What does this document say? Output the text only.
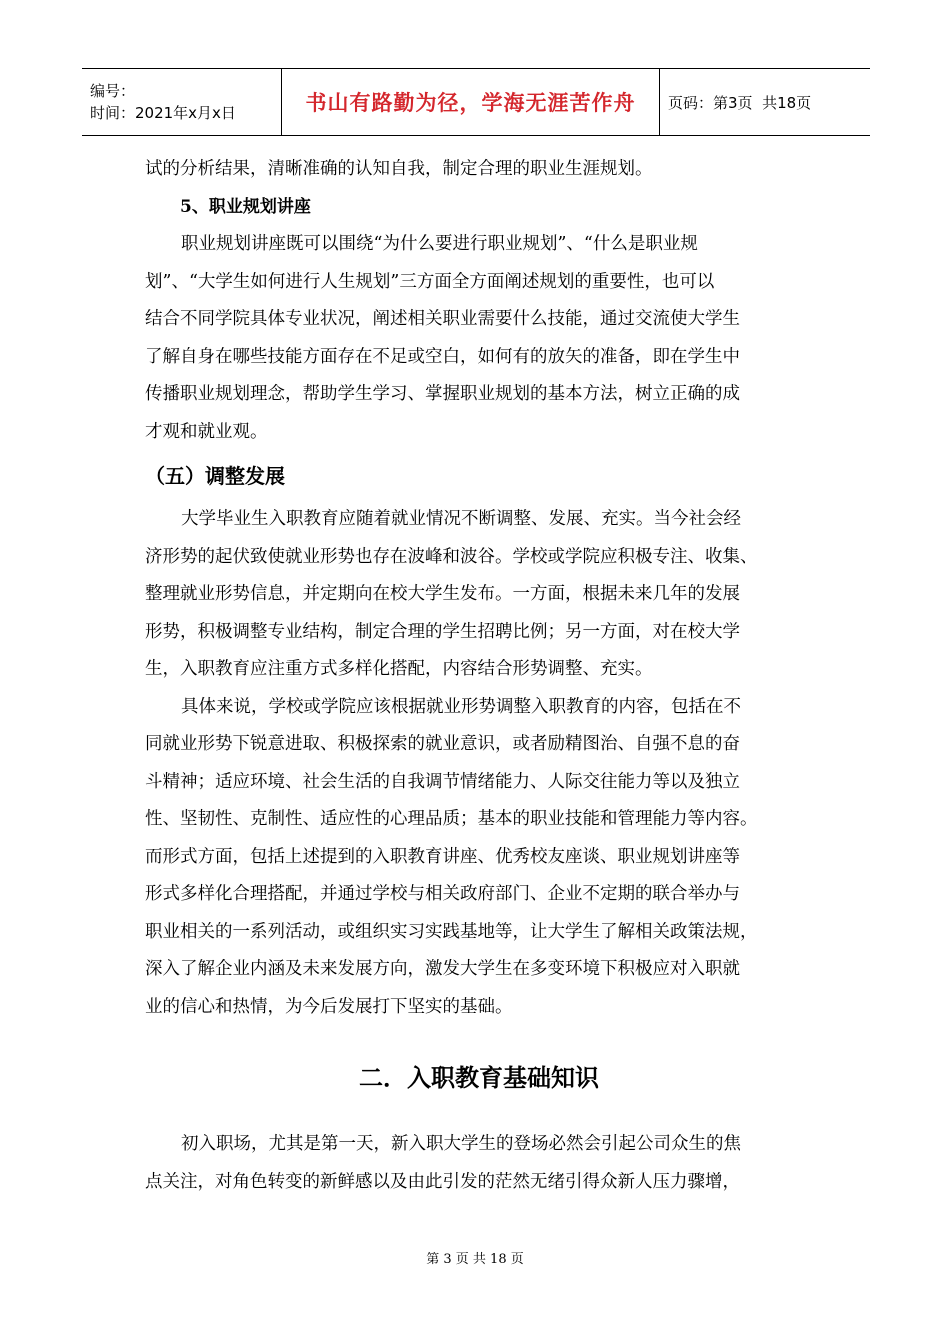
编号：
时间：2021年x月x日	书山有路勤为径，学海无涯苦作舟 页码：第3页  共18页
试的分析结果，清晰准确的认知自我，制定合理的职业生涯规划。
5、职业规划讲座
职业规划讲座既可以围绕“为什么要进行职业规划”、“什么是职业规
划”、“大学生如何进行人生规划”三方面全方面阐述规划的重要性，也可以
结合不同学院具体专业状况，阐述相关职业需要什么技能，通过交流使大学生
了解自身在哪些技能方面存在不足或空白，如何有的放矢的准备，即在学生中
传播职业规划理念，帮助学生学习、掌握职业规划的基本方法，树立正确的成
才观和就业观。
（五）调整发展
大学毕业生入职教育应随着就业情况不断调整、发展、充实。当今社会经
济形势的起伏致使就业形势也存在波峰和波谷。学校或学院应积极专注、收集、
整理就业形势信息，并定期向在校大学生发布。一方面，根据未来几年的发展
形势，积极调整专业结构，制定合理的学生招聘比例；另一方面，对在校大学
生，入职教育应注重方式多样化搭配，内容结合形势调整、充实。
具体来说，学校或学院应该根据就业形势调整入职教育的内容，包括在不
同就业形势下锐意进取、积极探索的就业意识，或者励精图治、自强不息的奋
斗精神；适应环境、社会生活的自我调节情绪能力、人际交往能力等以及独立
性、坚韧性、克制性、适应性的心理品质；基本的职业技能和管理能力等内容。
而形式方面，包括上述提到的入职教育讲座、优秀校友座谈、职业规划讲座等
形式多样化合理搭配，并通过学校与相关政府部门、企业不定期的联合举办与
职业相关的一系列活动，或组织实习实践基地等，让大学生了解相关政策法规，
深入了解企业内涵及未来发展方向，激发大学生在多变环境下积极应对入职就
业的信心和热情，为今后发展打下坚实的基础。
二．入职教育基础知识
初入职场，尤其是第一天，新入职大学生的登场必然会引起公司众生的焦
点关注，对角色转变的新鲜感以及由此引发的茫然无绪引得众新人压力骤增，
第 3 页 共 18 页
